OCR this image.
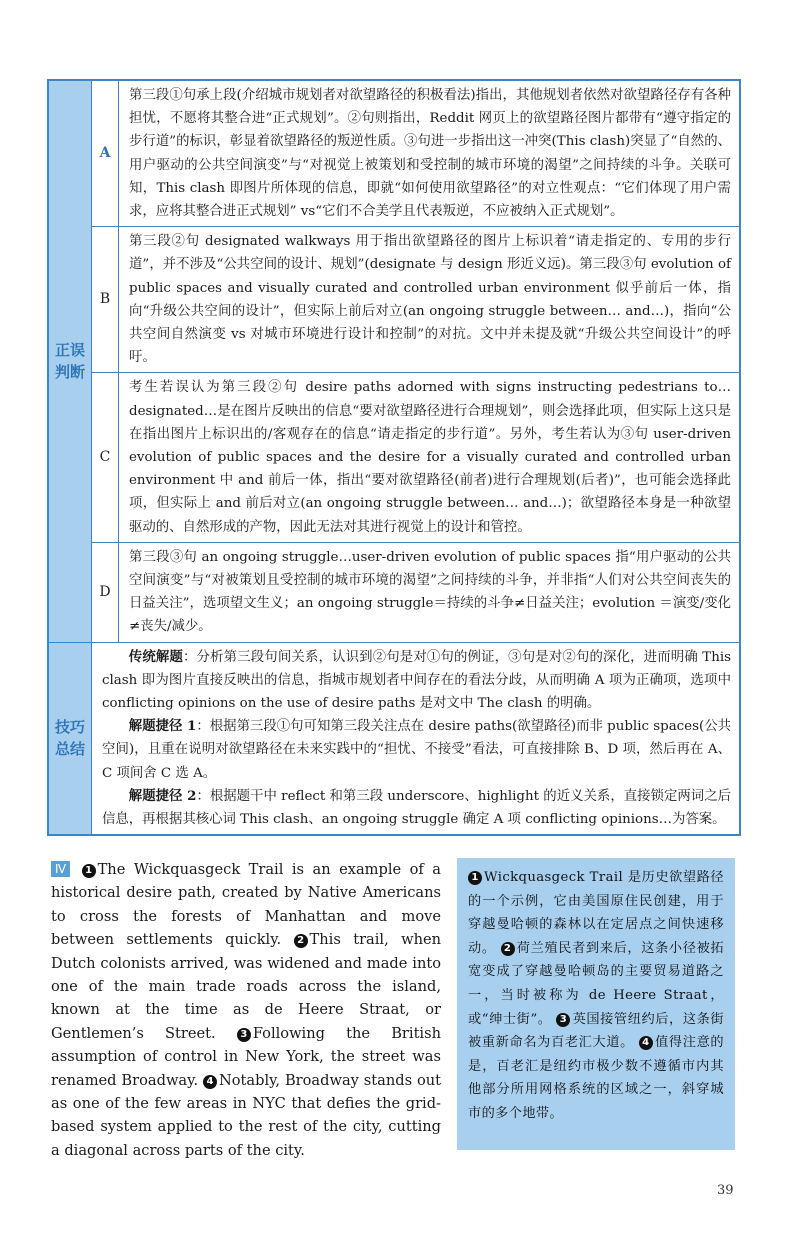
正误判断	A	第三段①句承上段(介绍城市规划者对欲望路径的积极看法)指出，其他规划者依然对欲望路径存有各种担忧，不愿将其整合进“正式规划”。②句则指出，Reddit 网页上的欲望路径图片都带有“遵守指定的步行道”的标识，彰显着欲望路径的叛逆性质。③句进一步指出这一冲突(This clash)突显了“自然的、用户驱动的公共空间演变”与“对视觉上被策划和受控制的城市环境的渴望”之间持续的斗争。关联可知，This clash 即图片所体现的信息，即就“如何使用欲望路径”的对立性观点：“它们体现了用户需求，应将其整合进正式规划” vs“它们不合美学且代表叛逆，不应被纳入正式规划”。
	B	第三段②句 designated walkways 用于指出欲望路径的图片上标识着“请走指定的、专用的步行道”，并不涉及“公共空间的设计、规划”(designate 与 design 形近义远)。第三段③句 evolution of public spaces and visually curated and controlled urban environment 似乎前后一体，指向“升级公共空间的设计”，但实际上前后对立(an ongoing struggle between… and…)，指向“公共空间自然演变 vs 对城市环境进行设计和控制”的对抗。文中并未提及就“升级公共空间设计”的呼吁。
	C	考生若误认为第三段②句 desire paths adorned with signs instructing pedestrians to… designated…是在图片反映出的信息“要对欲望路径进行合理规划”，则会选择此项，但实际上这只是在指出图片上标识出的/客观存在的信息“请走指定的步行道”。另外，考生若认为③句 user-driven evolution of public spaces and the desire for a visually curated and controlled urban environment 中 and 前后一体，指出“要对欲望路径(前者)进行合理规划(后者)”，也可能会选择此项，但实际上 and 前后对立(an ongoing struggle between… and…)；欲望路径本身是一种欲望驱动的、自然形成的产物，因此无法对其进行视觉上的设计和管控。
	D	第三段③句 an ongoing struggle…user-driven evolution of public spaces 指“用户驱动的公共空间演变”与“对被策划且受控制的城市环境的渴望”之间持续的斗争，并非指“人们对公共空间丧失的日益关注”，选项望文生义；an ongoing struggle＝持续的斗争≠日益关注；evolution ＝演变/变化≠丧失/减少。
技巧总结	传统解题：分析第三段句间关系，认识到②句是对①句的例证，③句是对②句的深化，进而明确 This clash 即为图片直接反映出的信息，指城市规划者中间存在的看法分歧，从而明确 A 项为正确项，选项中 conflicting opinions on the use of desire paths 是对文中 The clash 的明确。

解题捷径 1：根据第三段①句可知第三段关注点在 desire paths(欲望路径)而非 public spaces(公共空间)，且重在说明对欲望路径在未来实践中的“担忧、不接受”看法，可直接排除 B、D 项，然后再在 A、C 项间舍 C 选 A。

解题捷径 2：根据题干中 reflect 和第三段 underscore、highlight 的近义关系，直接锁定两词之后信息，再根据其核心词 This clash、an ongoing struggle 确定 A 项 conflicting opinions…为答案。	

Ⅳ 1 The Wickquasgeck Trail is an example of a historical desire path, created by Native Americans to cross the forests of Manhattan and move between settlements quickly. 2 This trail, when Dutch colonists arrived, was widened and made into one of the main trade roads across the island, known at the time as de Heere Straat, or Gentlemen’s Street. 3 Following the British assumption of control in New York, the street was renamed Broadway. 4 Notably, Broadway stands out as one of the few areas in NYC that defies the grid-based system applied to the rest of the city, cutting a diagonal across parts of the city.
1 Wickquasgeck Trail 是历史欲望路径的一个示例，它由美国原住民创建，用于穿越曼哈顿的森林以在定居点之间快速移动。 2 荷兰殖民者到来后，这条小径被拓宽变成了穿越曼哈顿岛的主要贸易道路之一，当时被称为 de Heere Straat，或“绅士街”。 3 英国接管纽约后，这条街被重新命名为百老汇大道。 4 值得注意的是，百老汇是纽约市极少数不遵循市内其他部分所用网格系统的区域之一，斜穿城市的多个地带。
39
